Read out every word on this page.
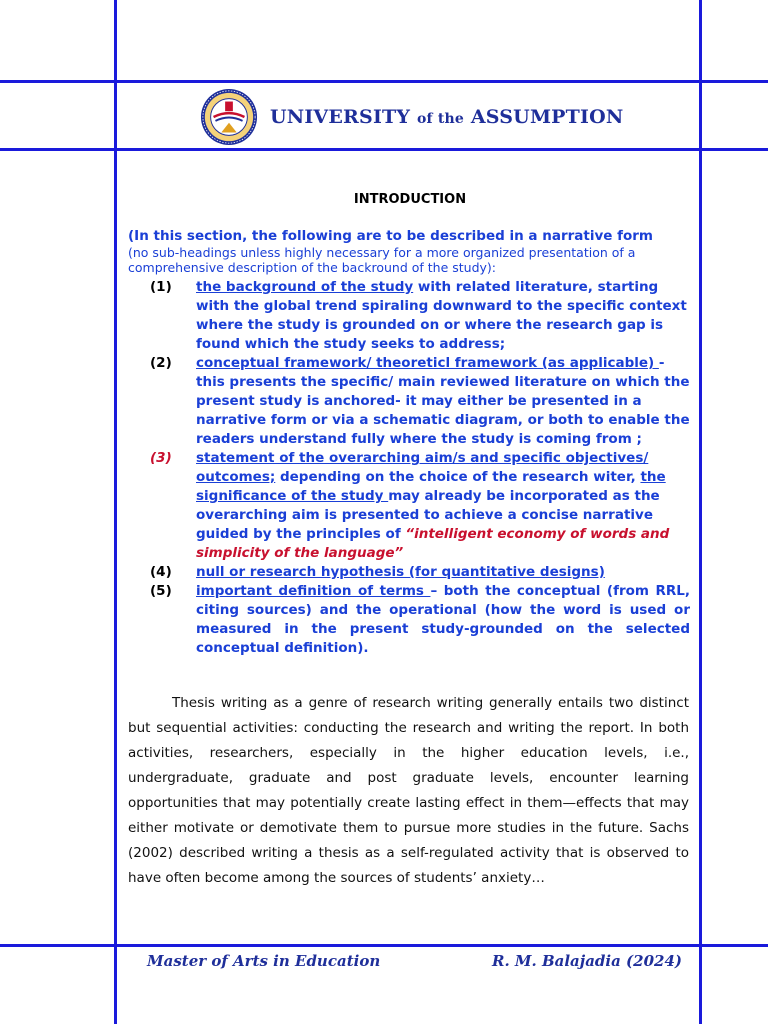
UNIVERSITY of the ASSUMPTION
INTRODUCTION
(In this section, the following are to be described in a narrative form
(no sub-headings unless highly necessary for a more organized presentation of a comprehensive description of the backround of the study):
(1)	the background of the study with related literature, starting with the global trend spiraling downward to the specific context where the study is grounded on or where the research gap is found which the study seeks to address;
(2)	conceptual framework/ theoreticl framework (as applicable) - this presents the specific/ main reviewed literature on which the present study is anchored- it may either be presented in a narrative form or via a schematic diagram, or both to enable the readers understand fully where the study is coming from ;
(3)	statement of the overarching aim/s and specific objectives/ outcomes; depending on the choice of the research witer, the significance of the study may already be incorporated as the overarching aim is presented to achieve a concise narrative guided by the principles of “intelligent economy of words and simplicity of the language”
(4)	null or research hypothesis (for quantitative designs)
(5)	important definition of terms – both the conceptual (from RRL, citing sources) and the operational (how the word is used or measured in the present study-grounded on the selected conceptual definition).
Thesis writing as a genre of research writing generally entails two distinct but sequential activities: conducting the research and writing the report. In both activities, researchers, especially in the higher education levels, i.e., undergraduate, graduate and post graduate levels, encounter learning opportunities that may potentially create lasting effect in them—effects that may either motivate or demotivate them to pursue more studies in the future. Sachs (2002) described writing a thesis as a self-regulated activity that is observed to have often become among the sources of students’ anxiety…
Master of Arts in Education	R. M. Balajadia (2024)
